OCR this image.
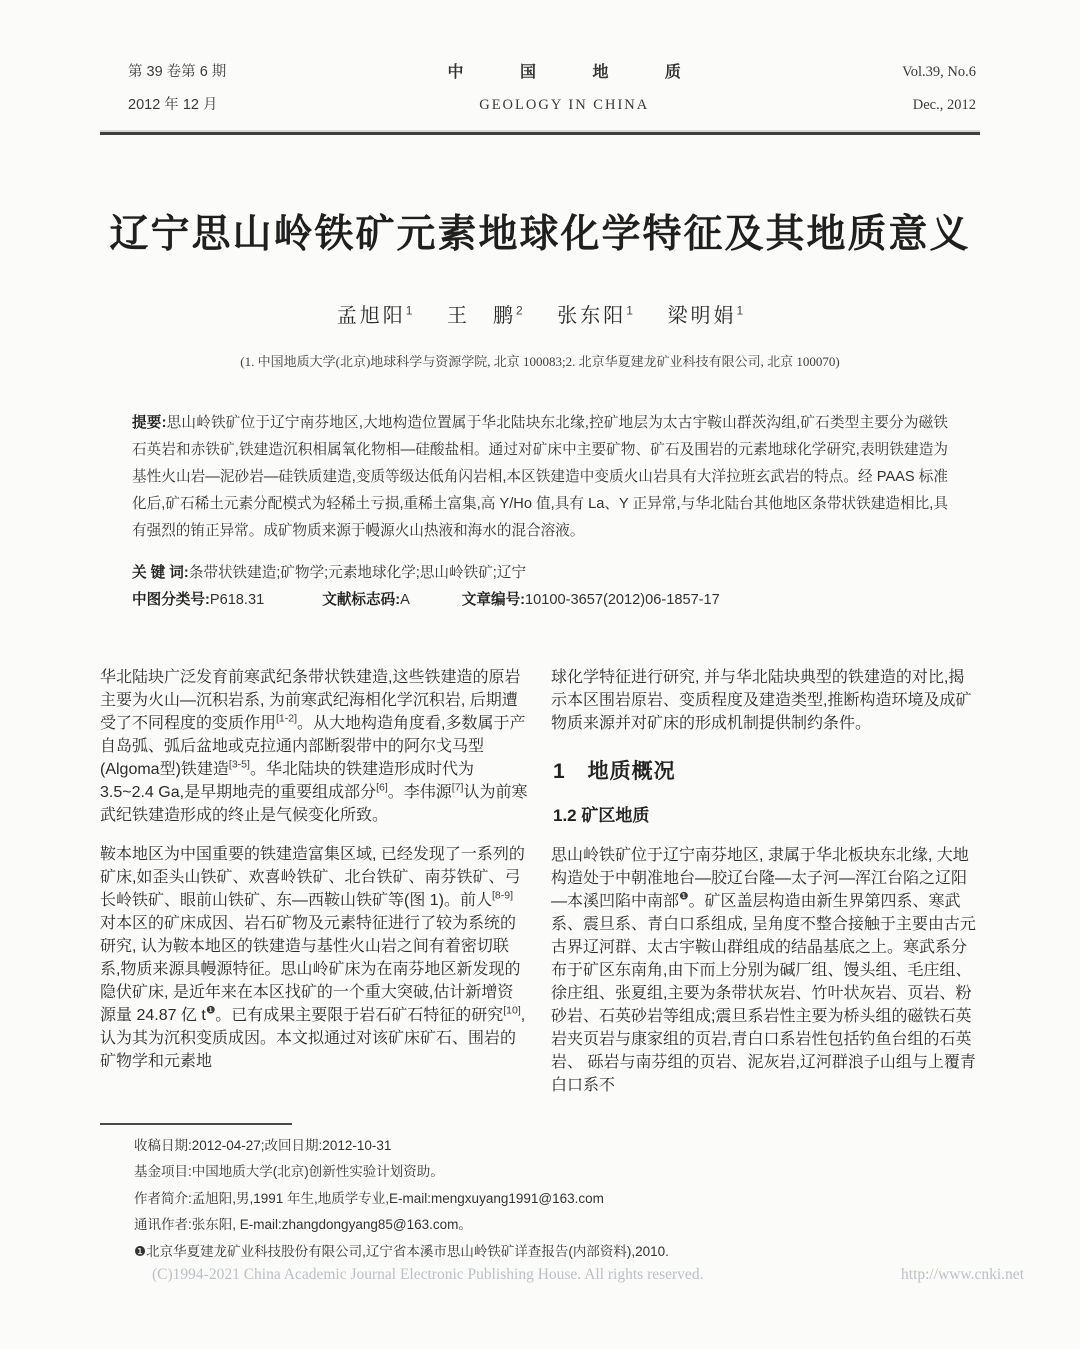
第 39 卷第 6 期
2012 年 12 月
中 国 地 质
GEOLOGY IN CHINA
Vol.39, No.6
Dec., 2012
辽宁思山岭铁矿元素地球化学特征及其地质意义
孟旭阳$^1$ 王　鹏$^2$ 张东阳$^1$ 梁明娟$^1$
(1. 中国地质大学(北京)地球科学与资源学院, 北京 100083;2. 北京华夏建龙矿业科技有限公司, 北京 100070)

提要:思山岭铁矿位于辽宁南芬地区,大地构造位置属于华北陆块东北缘,控矿地层为太古宇鞍山群茨沟组,矿石类型主要分为磁铁石英岩和赤铁矿,铁建造沉积相属氧化物相—硅酸盐相。通过对矿床中主要矿物、矿石及围岩的元素地球化学研究,表明铁建造为基性火山岩—泥砂岩—硅铁质建造,变质等级达低角闪岩相,本区铁建造中变质火山岩具有大洋拉班玄武岩的特点。经 PAAS 标准化后,矿石稀土元素分配模式为轻稀土亏损,重稀土富集,高 Y/Ho 值,具有 La、Y 正异常,与华北陆台其他地区条带状铁建造相比,具有强烈的铕正异常。成矿物质来源于幔源火山热液和海水的混合溶液。

关 键 词:条带状铁建造;矿物学;元素地球化学;思山岭铁矿;辽宁
中图分类号:P618.31	文献标志码:A	文章编号:10100-3657(2012)06-1857-17

华北陆块广泛发育前寒武纪条带状铁建造,这些铁建造的原岩主要为火山—沉积岩系, 为前寒武纪海相化学沉积岩, 后期遭受了不同程度的变质作用[1-2]。从大地构造角度看,多数属于产自岛弧、弧后盆地或克拉通内部断裂带中的阿尔戈马型(Algoma型)铁建造[3-5]。华北陆块的铁建造形成时代为 3.5~2.4 Ga,是早期地壳的重要组成部分[6]。李伟源[7]认为前寒武纪铁建造形成的终止是气候变化所致。

鞍本地区为中国重要的铁建造富集区域, 已经发现了一系列的矿床,如歪头山铁矿、欢喜岭铁矿、北台铁矿、南芬铁矿、弓长岭铁矿、眼前山铁矿、东—西鞍山铁矿等(图 1)。前人[8-9]对本区的矿床成因、岩石矿物及元素特征进行了较为系统的研究, 认为鞍本地区的铁建造与基性火山岩之间有着密切联系,物质来源具幔源特征。思山岭矿床为在南芬地区新发现的隐伏矿床, 是近年来在本区找矿的一个重大突破,估计新增资源量 24.87 亿 $t^❶$。已有成果主要限于岩石矿石特征的研究[10],认为其为沉积变质成因。本文拟通过对该矿床矿石、围岩的矿物学和元素地

球化学特征进行研究, 并与华北陆块典型的铁建造的对比,揭示本区围岩原岩、变质程度及建造类型,推断构造环境及成矿物质来源并对矿床的形成机制提供制约条件。

1　地质概况
1.2 矿区地质

思山岭铁矿位于辽宁南芬地区, 隶属于华北板块东北缘, 大地构造处于中朝准地台—胶辽台隆—太子河—浑江台陷之辽阳—本溪凹陷中南部$^❶$。矿区盖层构造由新生界第四系、寒武系、震旦系、青白口系组成, 呈角度不整合接触于主要由古元古界辽河群、太古宇鞍山群组成的结晶基底之上。寒武系分布于矿区东南角,由下而上分别为碱厂组、馒头组、毛庄组、徐庄组、张夏组,主要为条带状灰岩、竹叶状灰岩、页岩、粉砂岩、石英砂岩等组成;震旦系岩性主要为桥头组的磁铁石英岩夹页岩与康家组的页岩,青白口系岩性包括钓鱼台组的石英岩、 砾岩与南芬组的页岩、泥灰岩,辽河群浪子山组与上覆青白口系不

收稿日期:2012-04-27;改回日期:2012-10-31
基金项目:中国地质大学(北京)创新性实验计划资助。
作者简介:孟旭阳,男,1991 年生,地质学专业,E-mail:mengxuyang1991@163.com
通讯作者:张东阳, E-mail:zhangdongyang85@163.com。
❶北京华夏建龙矿业科技股份有限公司,辽宁省本溪市思山岭铁矿详查报告(内部资料),2010.
(C)1994-2021 China Academic Journal Electronic Publishing House. All rights reserved.	http://www.cnki.net
